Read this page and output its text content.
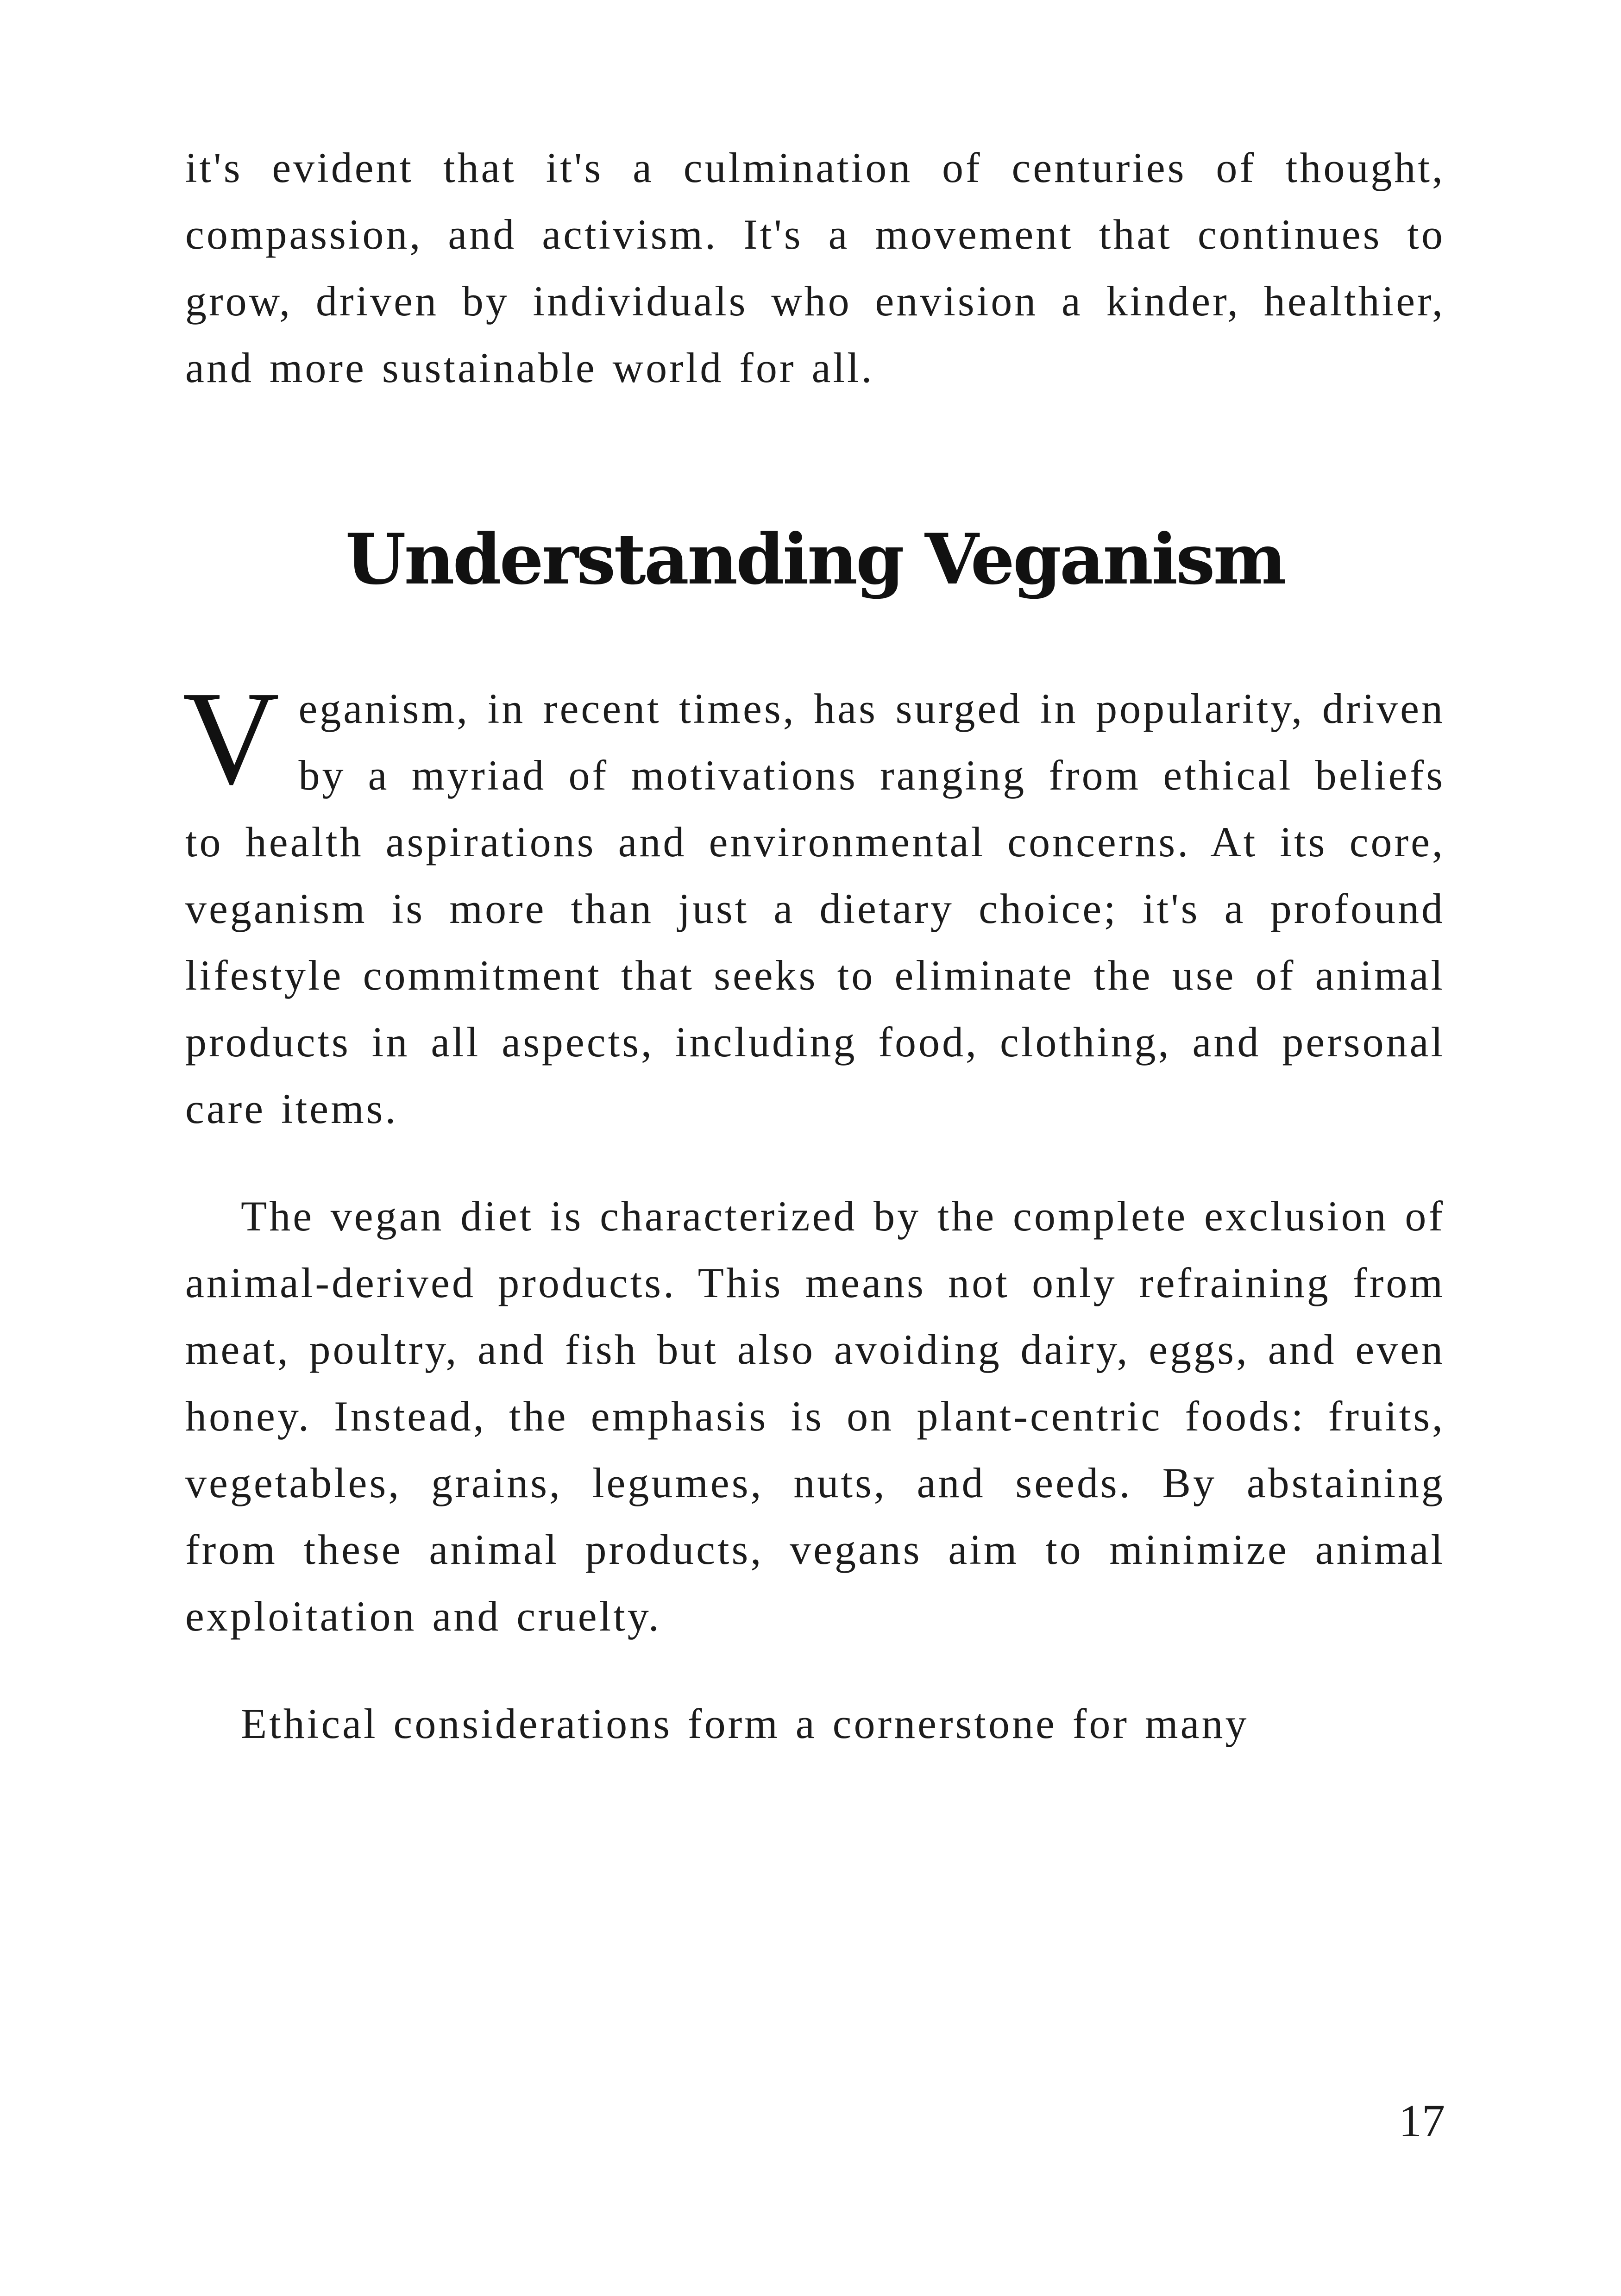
it's evident that it's a culmination of centuries of thought, compassion, and activism. It's a movement that continues to grow, driven by individuals who envision a kinder, healthier, and more sustainable world for all.

Understanding Veganism

Veganism, in recent times, has surged in popularity, driven by a myriad of motivations ranging from ethical beliefs to health aspirations and environmental concerns. At its core, veganism is more than just a dietary choice; it's a profound lifestyle commitment that seeks to eliminate the use of animal products in all aspects, including food, clothing, and personal care items.

The vegan diet is characterized by the complete exclusion of animal-derived products. This means not only refraining from meat, poultry, and fish but also avoiding dairy, eggs, and even honey. Instead, the emphasis is on plant-centric foods: fruits, vegetables, grains, legumes, nuts, and seeds. By abstaining from these animal products, vegans aim to minimize animal exploitation and cruelty.

Ethical considerations form a cornerstone for many

17
